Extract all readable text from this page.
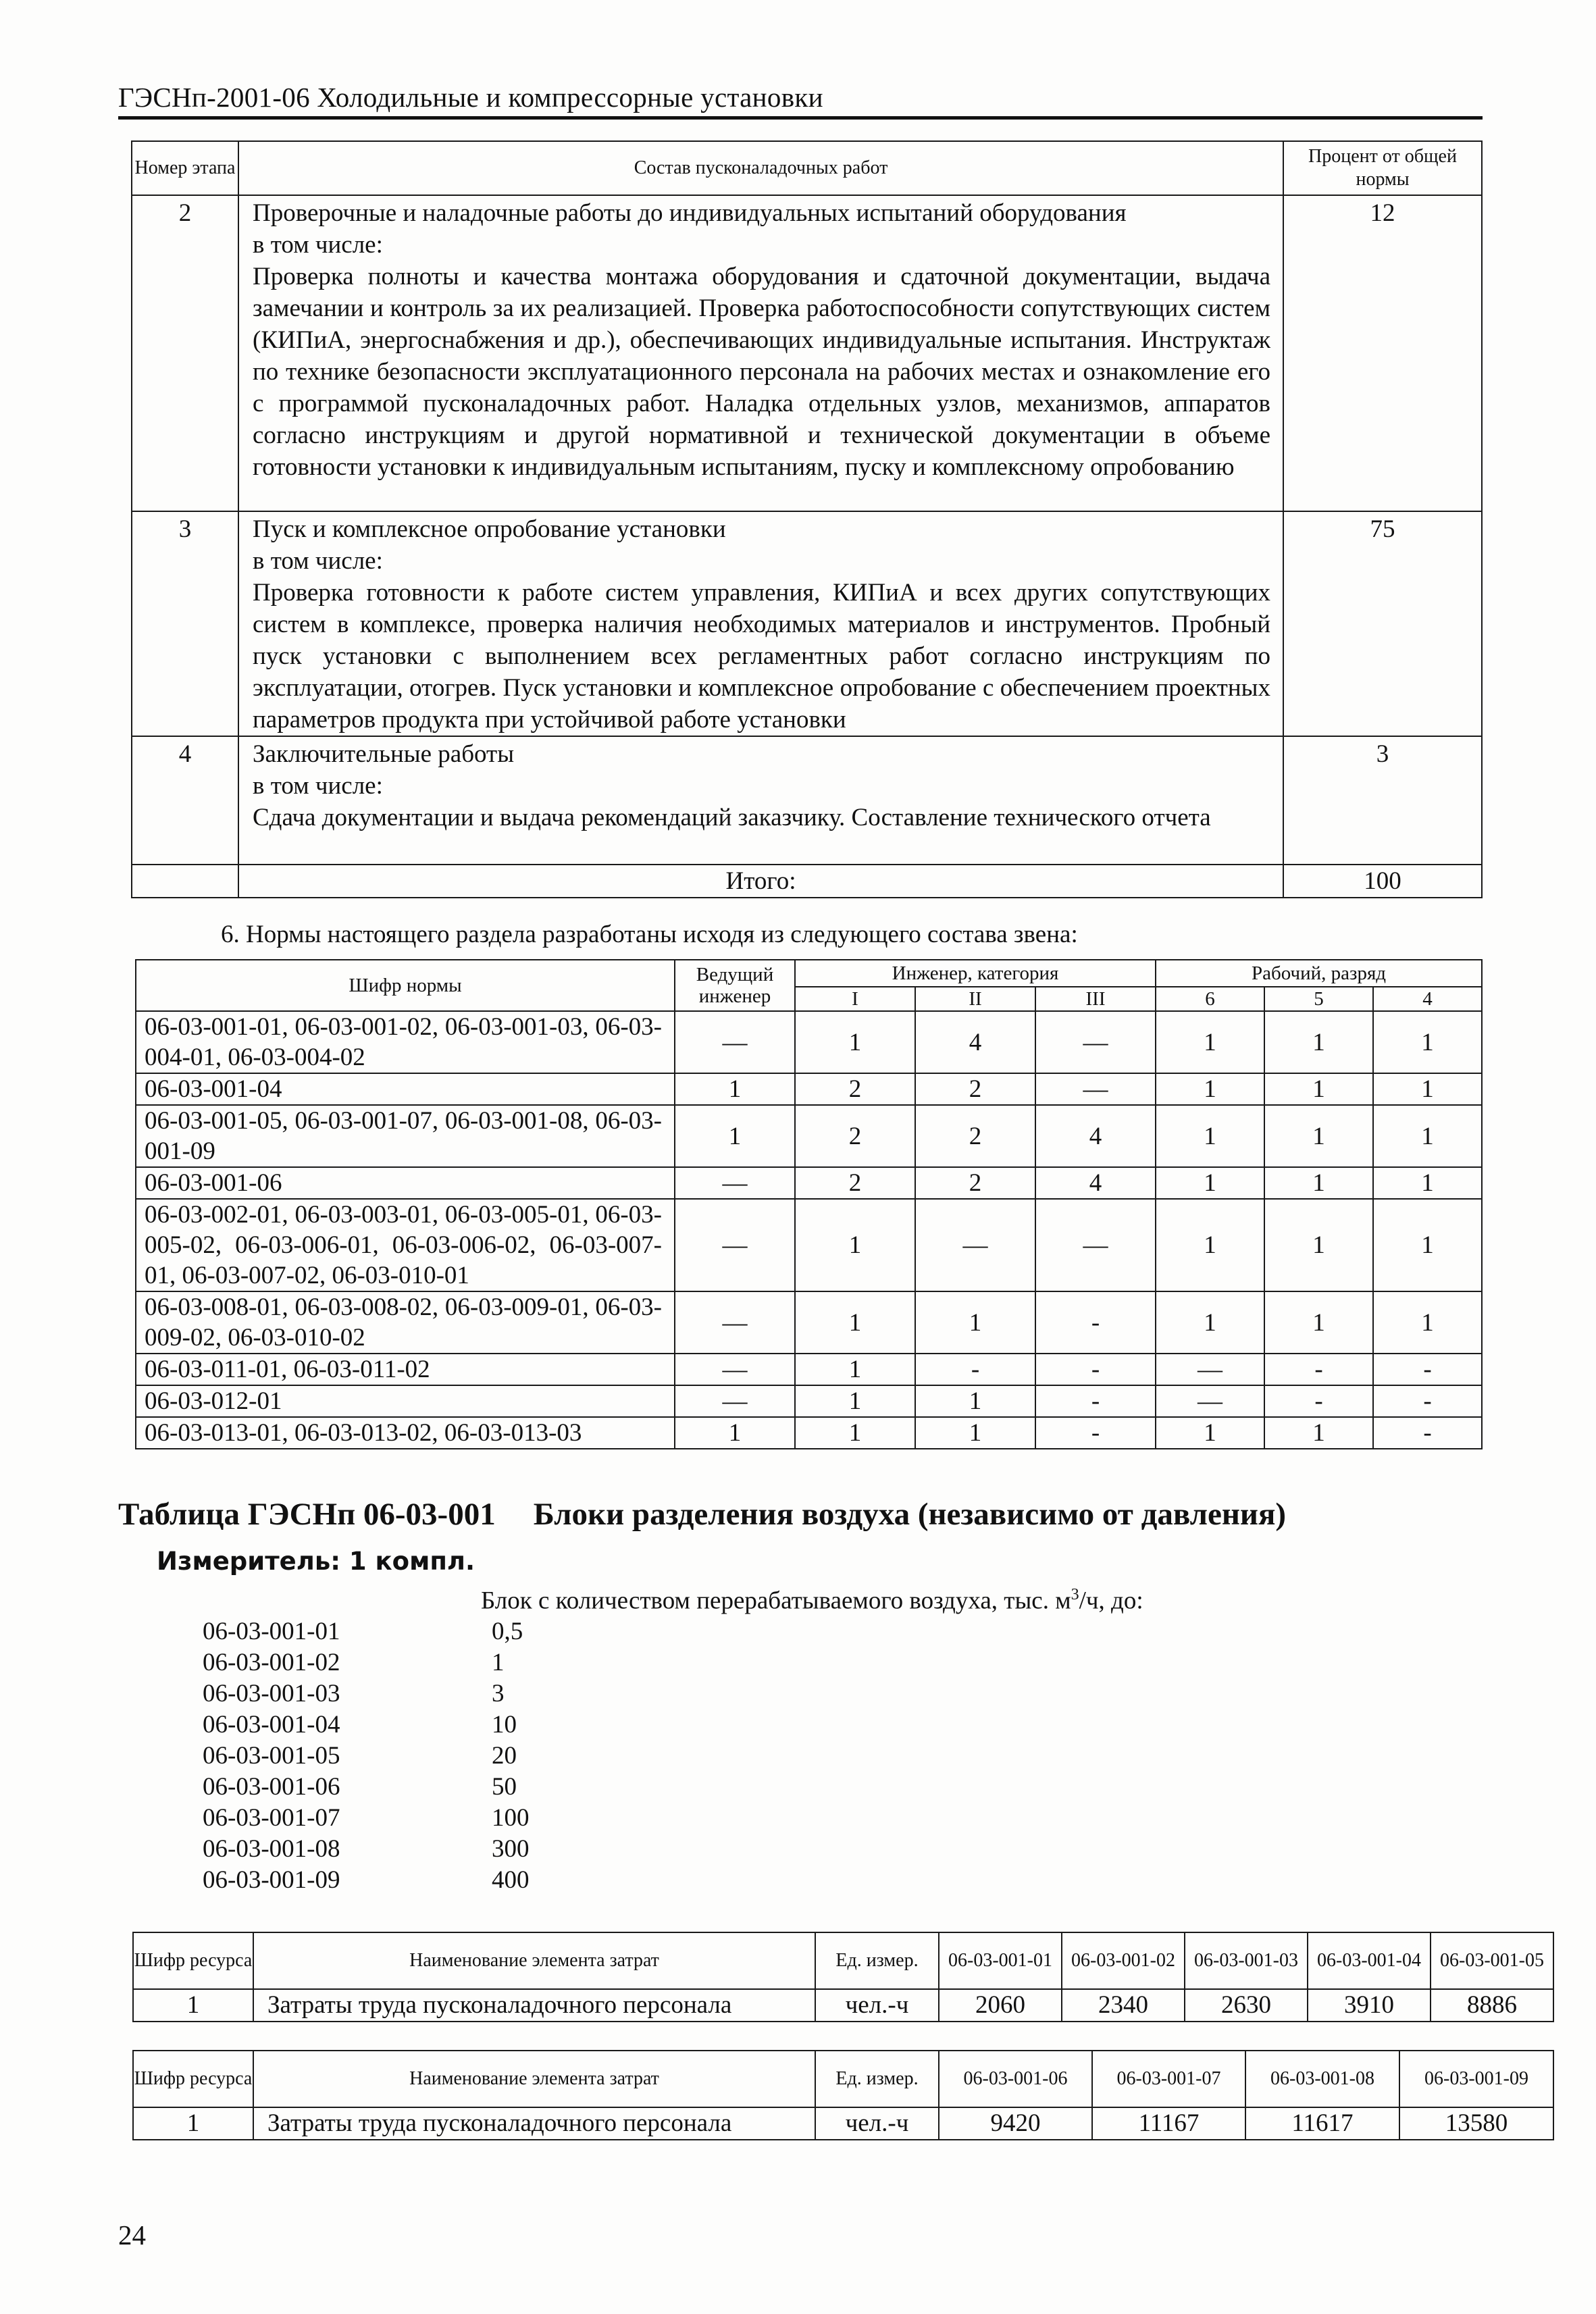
ГЭСНп-2001-06 Холодильные и компрессорные установки
Номер этапа	Состав пусконаладочных работ	Процент от общей нормы
2	Проверочные и наладочные работы до индивидуальных испытаний оборудования
в том числе:
Проверка полноты и качества монтажа оборудования и сдаточной документации, выдача замечании и контроль за их реализацией. Проверка работоспособности сопутствующих систем (КИПиА, энергоснабжения и др.), обеспечивающих индивидуальные испытания. Инструктаж по технике безопасности эксплуатационного персонала на рабочих местах и ознакомление его с программой пусконаладочных работ. Наладка отдельных узлов, механизмов, аппаратов согласно инструкциям и другой нормативной и технической документации в объеме готовности установки к индивидуальным испытаниям, пуску и комплексному опробованию	12
3	Пуск и комплексное опробование установки
в том числе:
Проверка готовности к работе систем управления, КИПиА и всех других сопутствующих систем в комплексе, проверка наличия необходимых материалов и инструментов. Пробный пуск установки с выполнением всех регламентных работ согласно инструкциям по эксплуатации, отогрев. Пуск установки и комплексное опробование с обеспечением проектных параметров продукта при устойчивой работе установки	75
4	Заключительные работы
в том числе:
Сдача документации и выдача рекомендаций заказчику. Составление технического отчета	3
	Итого:	100
6. Нормы настоящего раздела разработаны исходя из следующего состава звена:
Шифр нормы	Ведущий инженер	Инженер, категория			Рабочий, разряд		
		I	II	III	6	5	4
06-03-001-01, 06-03-001-02, 06-03-001-03, 06-03-004-01, 06-03-004-02	—	1	4	—	1	1	1
06-03-001-04	1	2	2	—	1	1	1
06-03-001-05, 06-03-001-07, 06-03-001-08, 06-03-001-09	1	2	2	4	1	1	1
06-03-001-06	—	2	2	4	1	1	1
06-03-002-01, 06-03-003-01, 06-03-005-01, 06-03-005-02, 06-03-006-01, 06-03-006-02, 06-03-007-01, 06-03-007-02, 06-03-010-01	—	1	—	—	1	1	1
06-03-008-01, 06-03-008-02, 06-03-009-01, 06-03-009-02, 06-03-010-02	—	1	1	-	1	1	1
06-03-011-01, 06-03-011-02	—	1	-	-	—	-	-
06-03-012-01	—	1	1	-	—	-	-
06-03-013-01, 06-03-013-02, 06-03-013-03	1	1	1	-	1	1	-
Таблица ГЭСНп 06-03-001 Блоки разделения воздуха (независимо от давления)
Измеритель: 1 компл.
Блок с количеством перерабатываемого воздуха, тыс. $м^3/ч$, до:
06-03-001-01	0,5
06-03-001-02	1
06-03-001-03	3
06-03-001-04	10
06-03-001-05	20
06-03-001-06	50
06-03-001-07	100
06-03-001-08	300
06-03-001-09	400
Шифр ресурса	Наименование элемента затрат	Ед. измер.	06-03-001-01	06-03-001-02	06-03-001-03	06-03-001-04	06-03-001-05
1	Затраты труда пусконаладочного персонала	чел.-ч	2060	2340	2630	3910	8886
Шифр ресурса	Наименование элемента затрат	Ед. измер.	06-03-001-06	06-03-001-07	06-03-001-08	06-03-001-09
1	Затраты труда пусконаладочного персонала	чел.-ч	9420	11167	11617	13580
24
